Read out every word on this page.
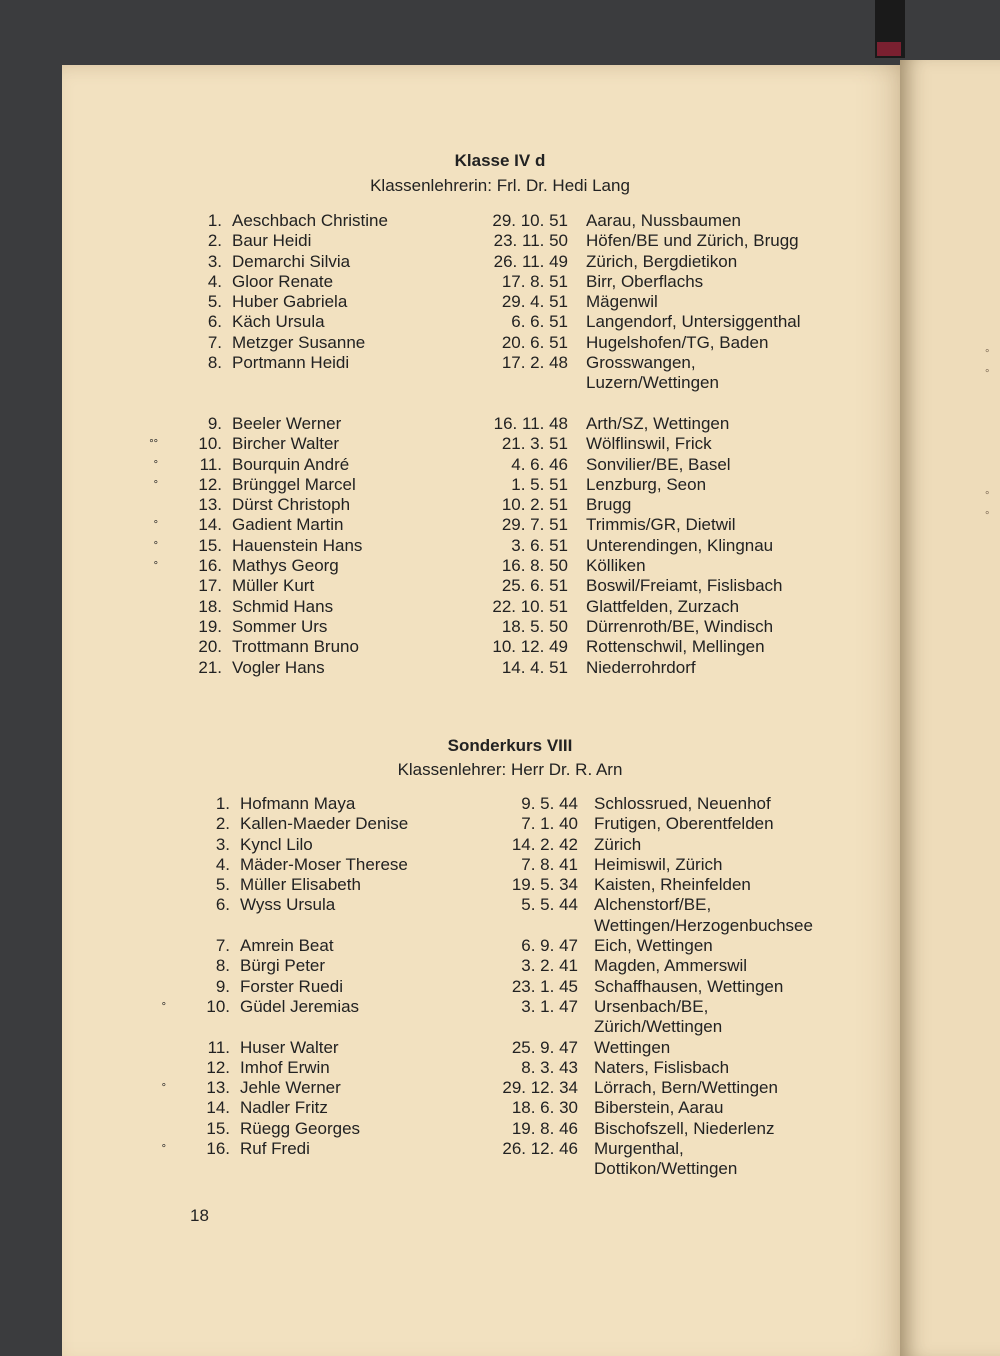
°
°
°
°
Klasse IV d
Klassenlehrerin: Frl. Dr. Hedi Lang
1. Aeschbach Christine	29. 10. 51 Aarau, Nussbaumen
2. Baur Heidi	23. 11. 50 Höfen/BE und Zürich, Brugg
3. Demarchi Silvia	26. 11. 49 Zürich, Bergdietikon
4. Gloor Renate	17. 8. 51 Birr, Oberflachs
5. Huber Gabriela	29. 4. 51 Mägenwil
6. Käch Ursula	6. 6. 51 Langendorf, Untersiggenthal
7. Metzger Susanne	20. 6. 51 Hugelshofen/TG, Baden
8. Portmann Heidi	17. 2. 48 Grosswangen,
Luzern/Wettingen
9. Beeler Werner	16. 11. 48 Arth/SZ, Wettingen
°°	10. Bircher Walter	21. 3. 51 Wölflinswil, Frick
°	11. Bourquin André	4. 6. 46 Sonvilier/BE, Basel
°	12. Brünggel Marcel	1. 5. 51 Lenzburg, Seon
13. Dürst Christoph	10. 2. 51 Brugg
°	14. Gadient Martin	29. 7. 51 Trimmis/GR, Dietwil
°	15. Hauenstein Hans	3. 6. 51 Unterendingen, Klingnau
°	16. Mathys Georg	16. 8. 50 Kölliken
17. Müller Kurt	25. 6. 51 Boswil/Freiamt, Fislisbach
18. Schmid Hans	22. 10. 51 Glattfelden, Zurzach
19. Sommer Urs	18. 5. 50 Dürrenroth/BE, Windisch
20. Trottmann Bruno	10. 12. 49 Rottenschwil, Mellingen
21. Vogler Hans	14. 4. 51 Niederrohrdorf
Sonderkurs VIII
Klassenlehrer: Herr Dr. R. Arn
1. Hofmann Maya	9. 5. 44 Schlossrued, Neuenhof
2. Kallen-Maeder Denise	7. 1. 40 Frutigen, Oberentfelden
3. Kyncl Lilo	14. 2. 42 Zürich
4. Mäder-Moser Therese	7. 8. 41 Heimiswil, Zürich
5. Müller Elisabeth	19. 5. 34 Kaisten, Rheinfelden
6. Wyss Ursula	5. 5. 44 Alchenstorf/BE,
Wettingen/Herzogenbuchsee
7. Amrein Beat	6. 9. 47 Eich, Wettingen
8. Bürgi Peter	3. 2. 41 Magden, Ammerswil
9. Forster Ruedi	23. 1. 45 Schaffhausen, Wettingen
°	10. Güdel Jeremias	3. 1. 47 Ursenbach/BE,
Zürich/Wettingen
11. Huser Walter	25. 9. 47 Wettingen
12. Imhof Erwin	8. 3. 43 Naters, Fislisbach
°	13. Jehle Werner	29. 12. 34 Lörrach, Bern/Wettingen
14. Nadler Fritz	18. 6. 30 Biberstein, Aarau
15. Rüegg Georges	19. 8. 46 Bischofszell, Niederlenz
°	16. Ruf Fredi	26. 12. 46 Murgenthal,
Dottikon/Wettingen
18
